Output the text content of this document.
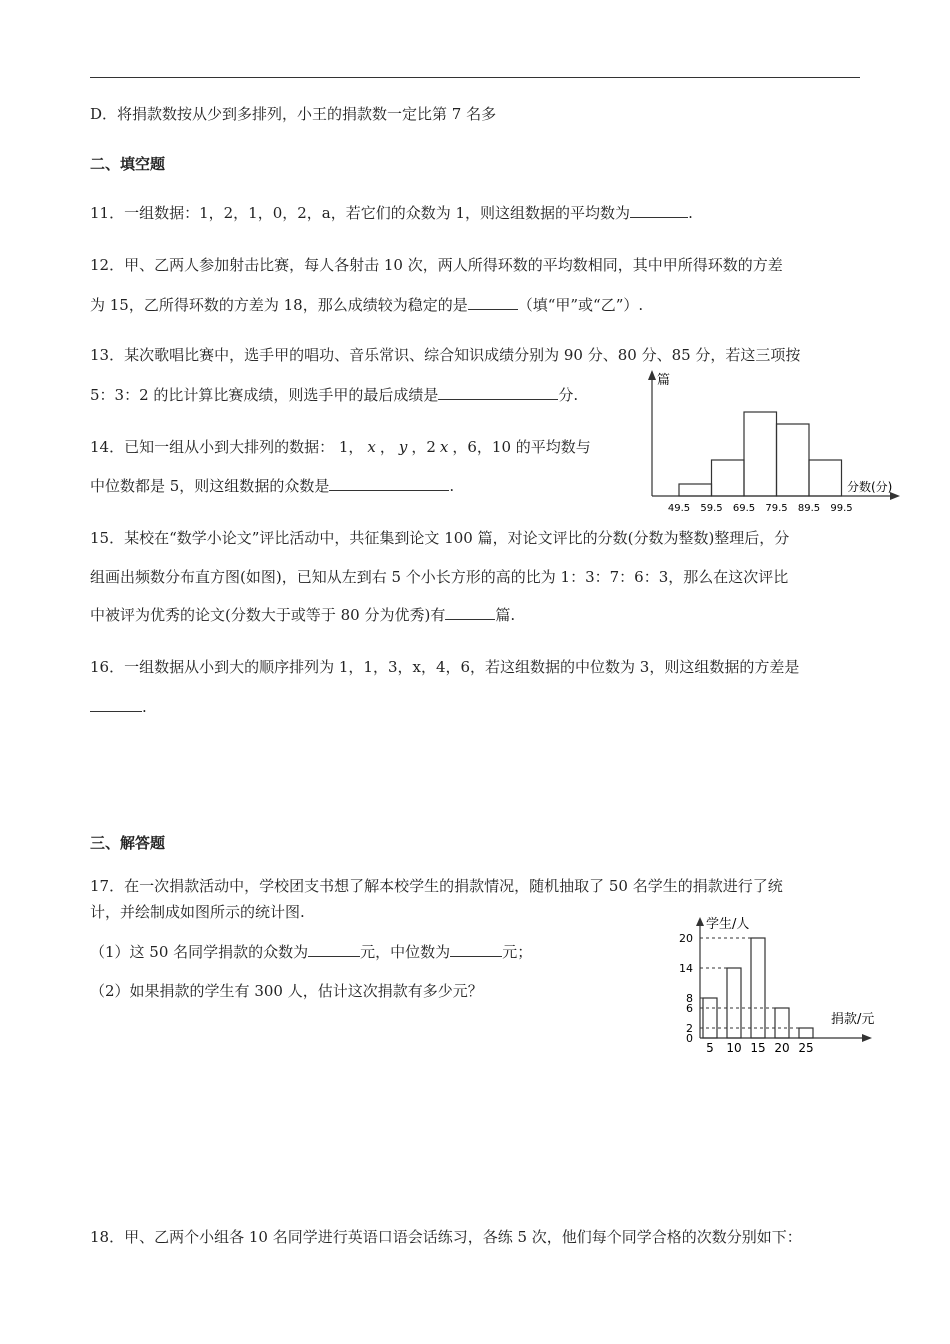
D．将捐款数按从少到多排列，小王的捐款数一定比第 7 名多
二、填空题
11．一组数据：1，2，1，0，2，a，若它们的众数为 1，则这组数据的平均数为	.
12．甲、乙两人参加射击比赛，每人各射击 10 次，两人所得环数的平均数相同，其中甲所得环数的方差
为 15，乙所得环数的方差为 18，那么成绩较为稳定的是	（填“甲”或“乙”）.
13．某次歌唱比赛中，选手甲的唱功、音乐常识、综合知识成绩分别为 90 分、80 分、85 分，若这三项按
5：3：2 的比计算比赛成绩，则选手甲的最后成绩是	分.
14．已知一组从小到大排列的数据： 1， x ， y ，2 x ，6，10 的平均数与
中位数都是 5，则这组数据的众数是	.
篇
分数(分)
49.5 59.5 69.5 79.5 89.5 99.5
15．某校在“数学小论文”评比活动中，共征集到论文 100 篇，对论文评比的分数(分数为整数)整理后，分
组画出频数分布直方图(如图)，已知从左到右 5 个小长方形的高的比为 1：3：7：6：3，那么在这次评比
中被评为优秀的论文(分数大于或等于 80 分为优秀)有	篇.
16．一组数据从小到大的顺序排列为 1，1，3，x，4，6，若这组数据的中位数为 3，则这组数据的方差是
.
三、解答题
17．在一次捐款活动中，学校团支书想了解本校学生的捐款情况，随机抽取了 50 名学生的捐款进行了统
计，并绘制成如图所示的统计图.
（1）这 50 名同学捐款的众数为	元，中位数为	元；
（2）如果捐款的学生有 300 人，估计这次捐款有多少元？
学生/人
捐款/元
0
2
6
8
14
20
5 10 15 20 25
18．甲、乙两个小组各 10 名同学进行英语口语会话练习，各练 5 次，他们每个同学合格的次数分别如下：
